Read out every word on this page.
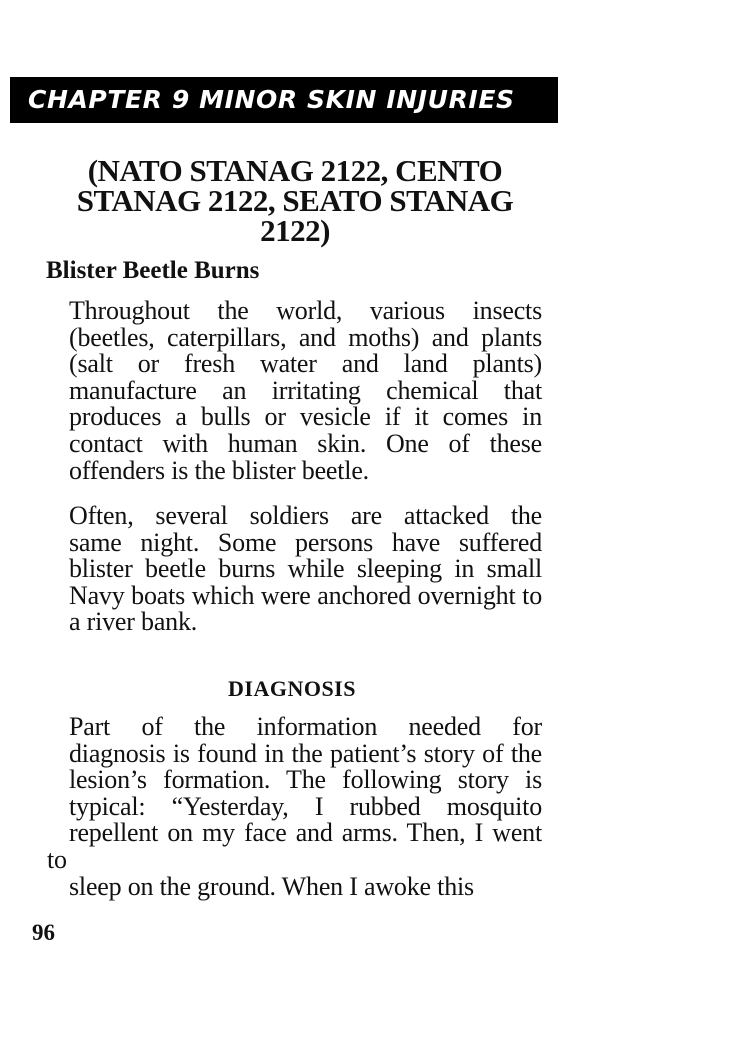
CHAPTER 9 MINOR SKIN INJURIES
(NATO STANAG 2122, CENTO
STANAG 2122, SEATO STANAG 2122)
Blister Beetle Burns

Throughout the world, various insects
(beetles, caterpillars, and moths) and plants
(salt or fresh water and land plants)
manufacture an irritating chemical that
produces a bulls or vesicle if it comes in
contact with human skin. One of these
offenders is the blister beetle.

Often, several soldiers are attacked the
same night. Some persons have suffered
blister beetle burns while sleeping in small
Navy boats which were anchored overnight to
a river bank.

DIAGNOSIS

Part of the information needed for
diagnosis is found in the patient’s story of the
lesion’s formation. The following story is
typical: “Yesterday, I rubbed mosquito
repellent on my face and arms. Then, I went to
sleep on the ground. When I awoke this

96
